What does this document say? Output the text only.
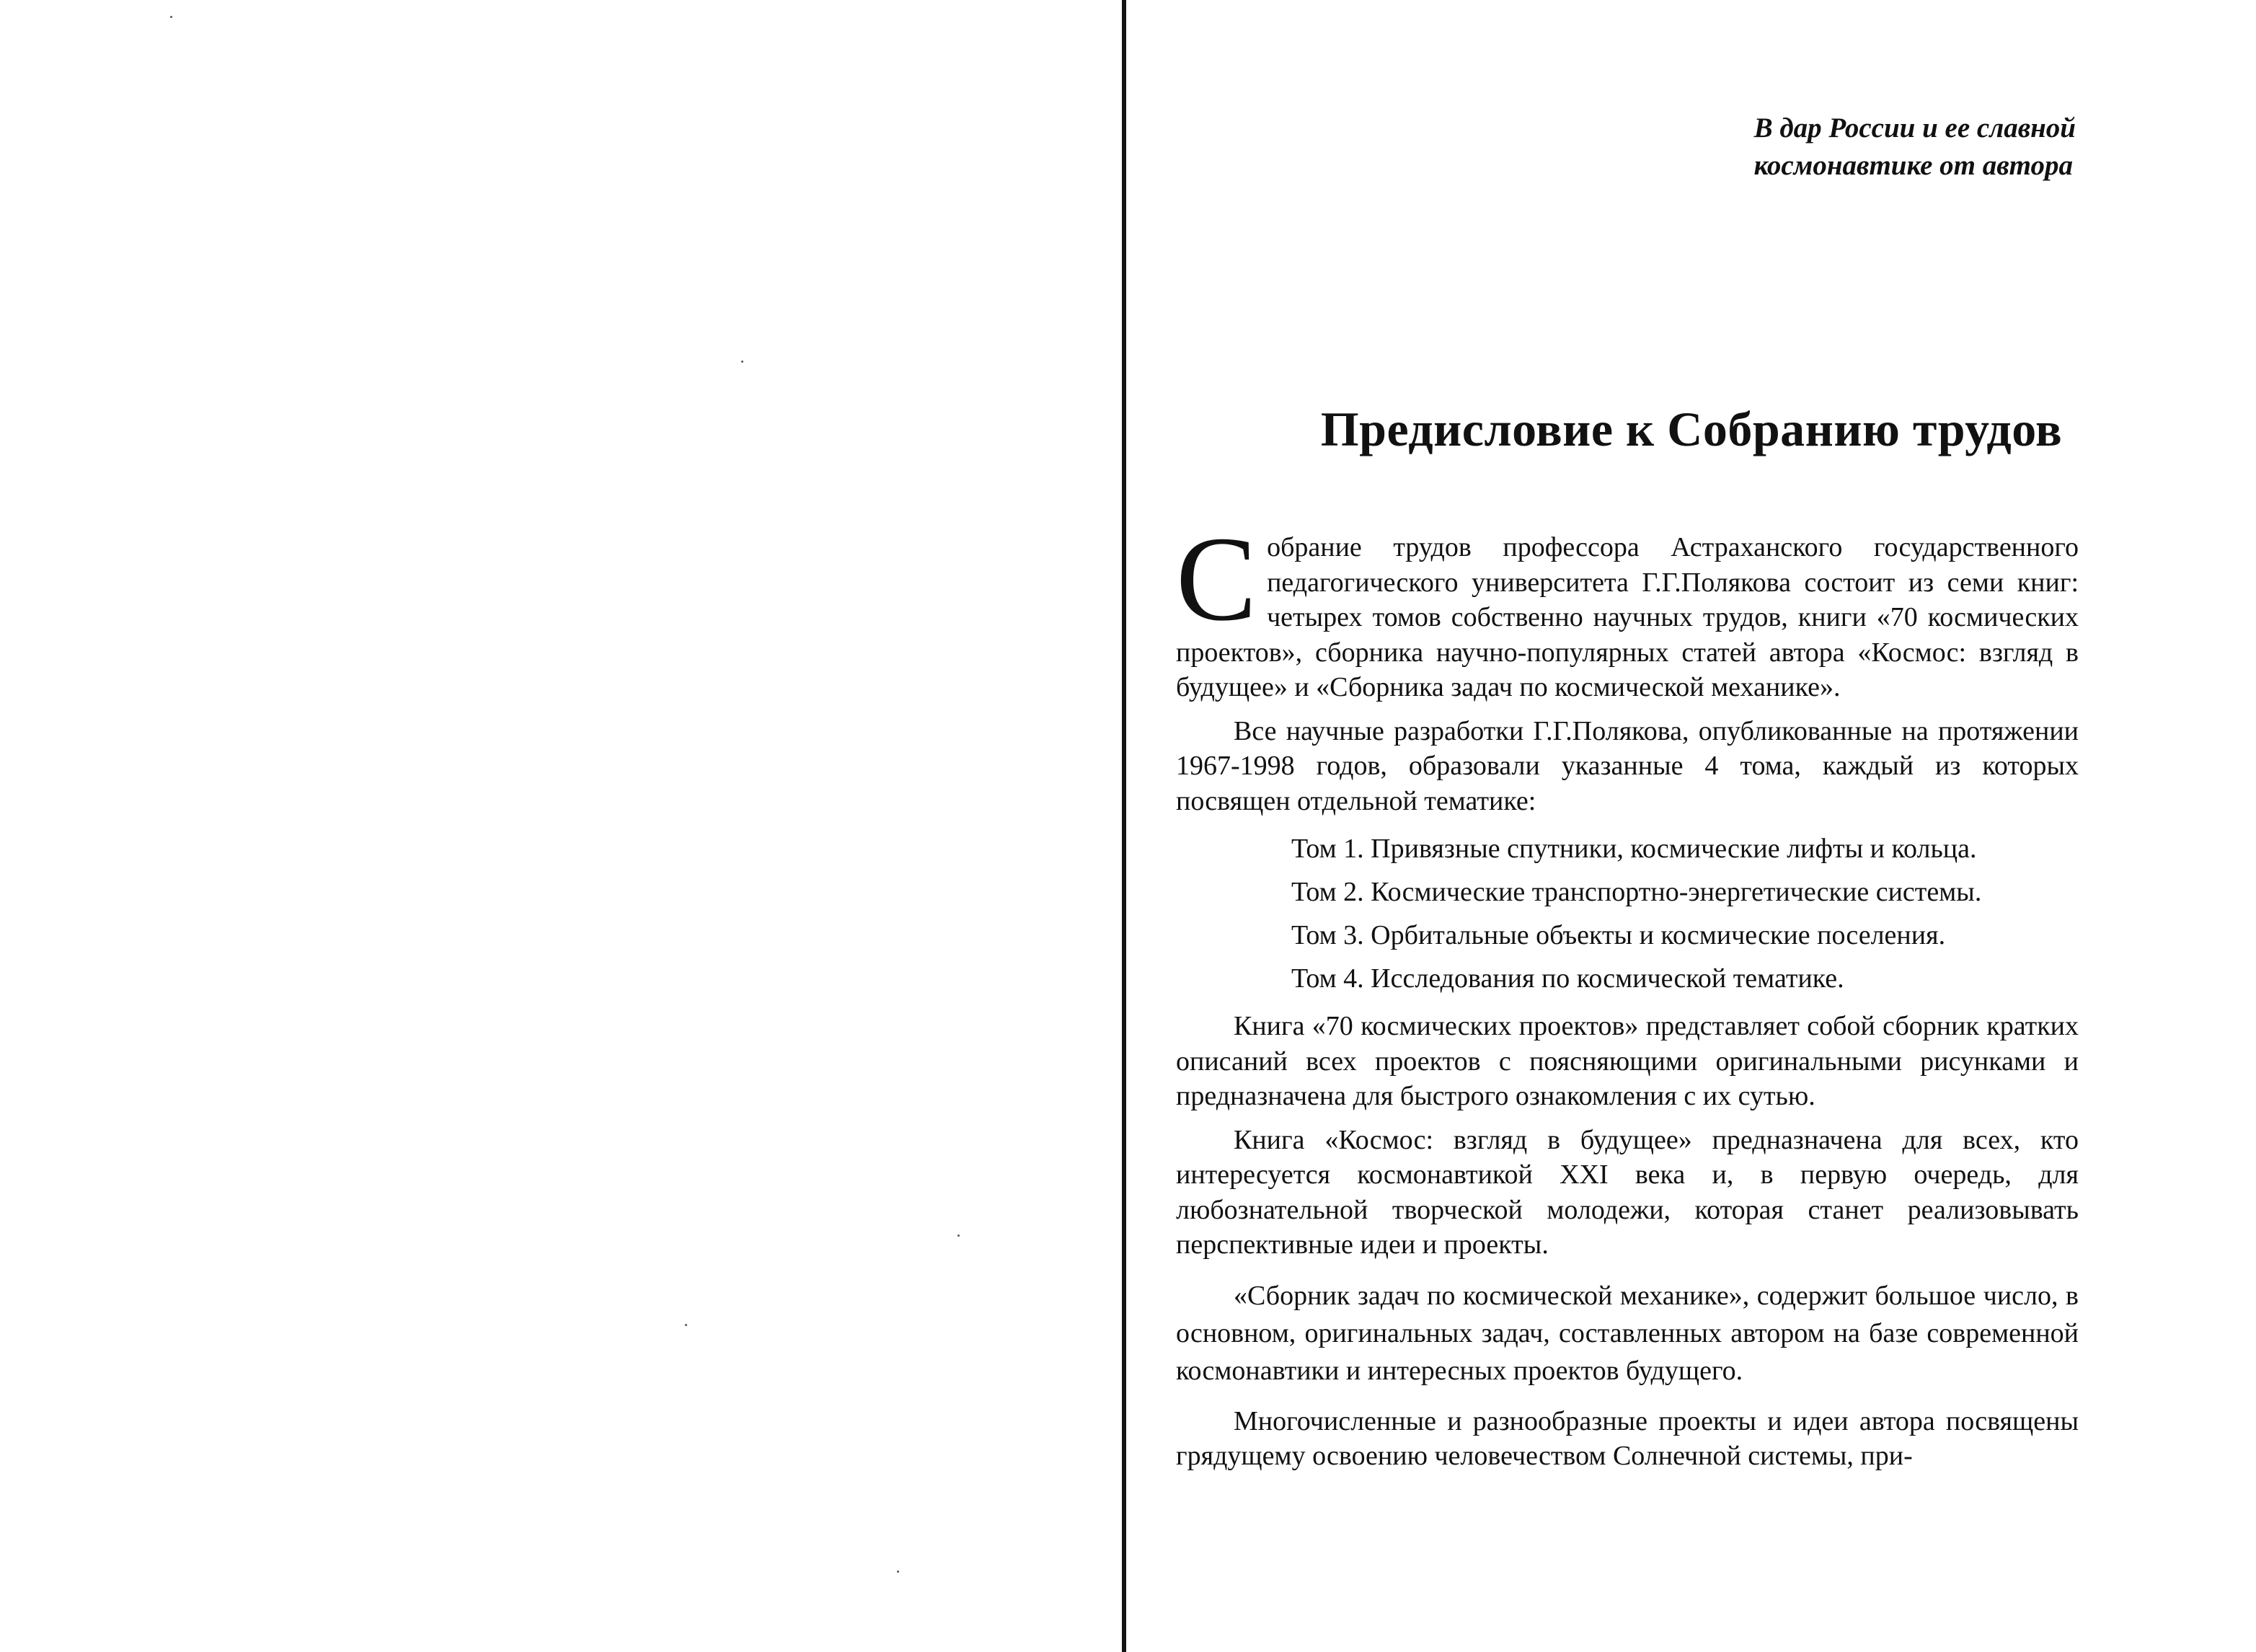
В дар России и ее славной
космонавтике от автора
Предисловие к Собранию трудов

Собрание трудов профессора Астраханского государственного педагогического университета Г.Г.Полякова состоит из семи книг: четырех томов собственно научных трудов, книги «70 космических проектов», сборника научно-популярных статей автора «Космос: взгляд в будущее» и «Сборника задач по космической механике».

Все научные разработки Г.Г.Полякова, опубликованные на протяжении 1967-1998 годов, образовали указанные 4 тома, каждый из которых посвящен отдельной тематике:

Том 1. Привязные спутники, космические лифты и кольца.
Том 2. Космические транспортно-энергетические системы.
Том 3. Орбитальные объекты и космические поселения.
Том 4. Исследования по космической тематике.

Книга «70 космических проектов» представляет собой сборник кратких описаний всех проектов с поясняющими оригинальными рисунками и предназначена для быстрого ознакомления с их сутью.

Книга «Космос: взгляд в будущее» предназначена для всех, кто интересуется космонавтикой XXI века и, в первую очередь, для любознательной творческой молодежи, которая станет реализовывать перспективные идеи и проекты.

«Сборник задач по космической механике», содержит большое число, в основном, оригинальных задач, составленных автором на базе современной космонавтики и интересных проектов будущего.

Многочисленные и разнообразные проекты и идеи автора посвящены грядущему освоению человечеством Солнечной системы, при-
